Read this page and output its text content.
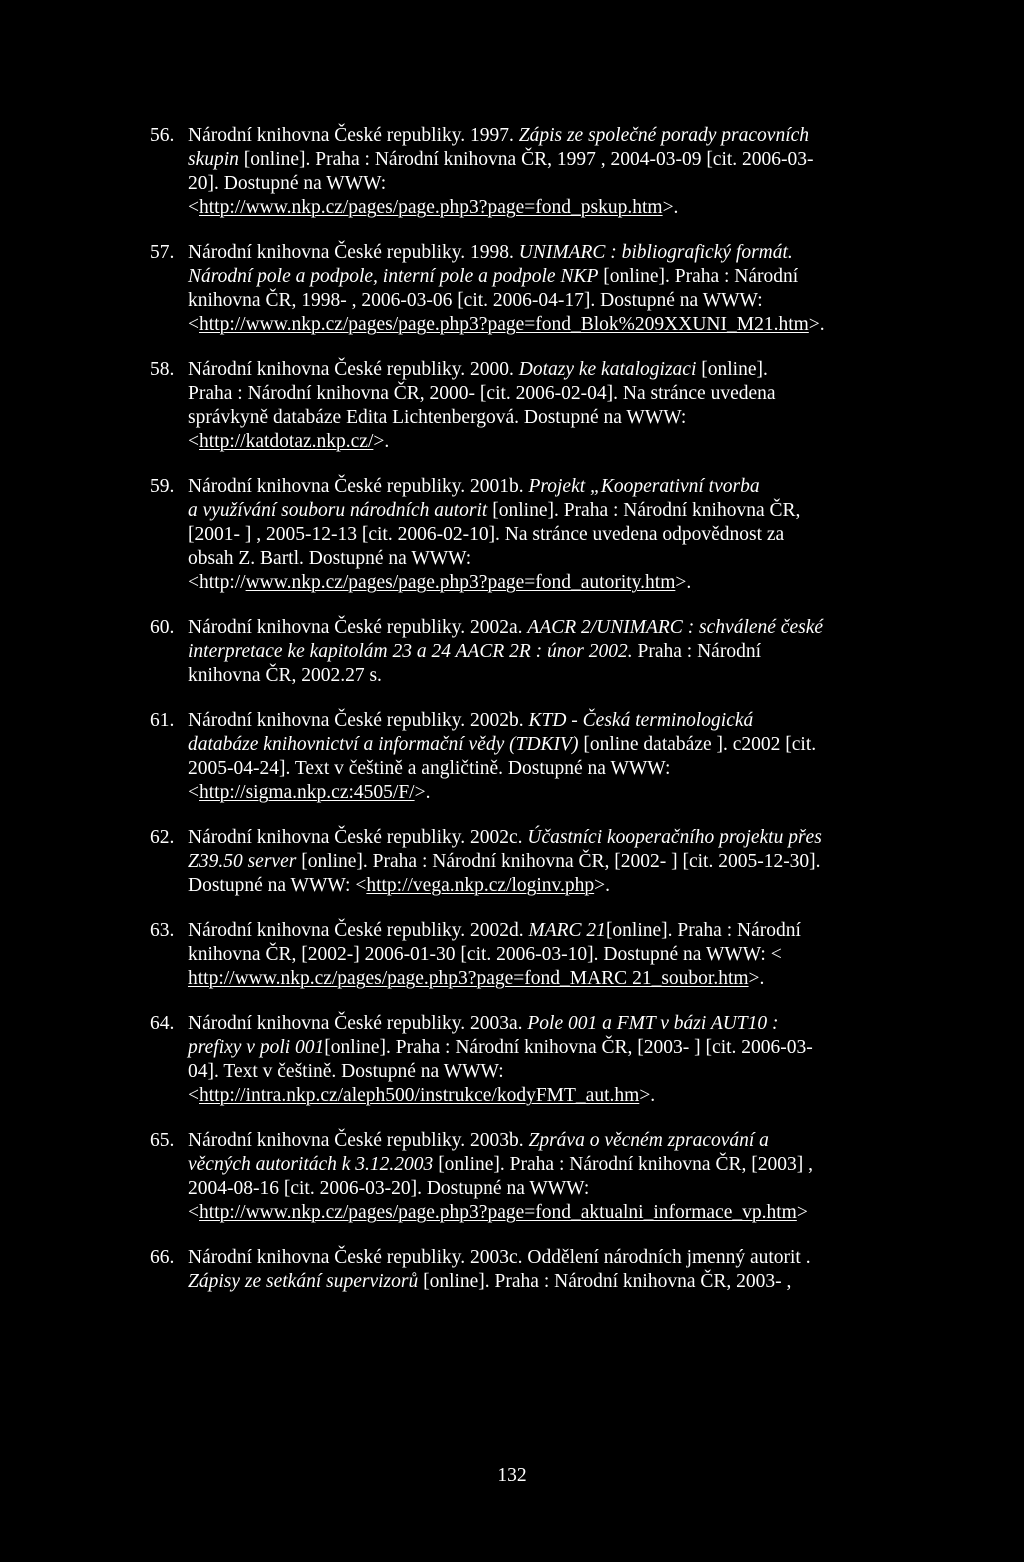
56. Národní knihovna České republiky. 1997. Zápis ze společné porady pracovních
skupin [online]. Praha : Národní knihovna ČR, 1997 , 2004-03-09 [cit. 2006-03-
20]. Dostupné na WWW:
<http://www.nkp.cz/pages/page.php3?page=fond_pskup.htm>.
57. Národní knihovna České republiky. 1998. UNIMARC : bibliografický formát.
Národní pole a podpole, interní pole a podpole NKP [online]. Praha : Národní
knihovna ČR, 1998- , 2006-03-06 [cit. 2006-04-17]. Dostupné na WWW:
<http://www.nkp.cz/pages/page.php3?page=fond_Blok%209XXUNI_M21.htm>.
58. Národní knihovna České republiky. 2000. Dotazy ke katalogizaci [online].
Praha : Národní knihovna ČR, 2000- [cit. 2006-02-04]. Na stránce uvedena
správkyně databáze Edita Lichtenbergová. Dostupné na WWW:
<http://katdotaz.nkp.cz/>.
59. Národní knihovna České republiky. 2001b. Projekt „Kooperativní tvorba
a využívání souboru národních autorit [online]. Praha : Národní knihovna ČR,
[2001- ] , 2005-12-13 [cit. 2006-02-10]. Na stránce uvedena odpovědnost za
obsah Z. Bartl. Dostupné na WWW:
<http://www.nkp.cz/pages/page.php3?page=fond_autority.htm>.
60. Národní knihovna České republiky. 2002a. AACR 2/UNIMARC : schválené české
interpretace ke kapitolám 23 a 24 AACR 2R : únor 2002. Praha : Národní
knihovna ČR, 2002.27 s.
61. Národní knihovna České republiky. 2002b. KTD - Česká terminologická
databáze knihovnictví a informační vědy (TDKIV) [online databáze ]. c2002 [cit.
2005-04-24]. Text v češtině a angličtině. Dostupné na WWW:
<http://sigma.nkp.cz:4505/F/>.
62. Národní knihovna České republiky. 2002c. Účastníci kooperačního projektu přes
Z39.50 server [online]. Praha : Národní knihovna ČR, [2002- ] [cit. 2005-12-30].
Dostupné na WWW: <http://vega.nkp.cz/loginv.php>.
63. Národní knihovna České republiky. 2002d. MARC 21[online]. Praha : Národní
knihovna ČR, [2002-] 2006-01-30 [cit. 2006-03-10]. Dostupné na WWW: <
http://www.nkp.cz/pages/page.php3?page=fond_MARC 21_soubor.htm>.
64. Národní knihovna České republiky. 2003a. Pole 001 a FMT v bázi AUT10 :
prefixy v poli 001[online]. Praha : Národní knihovna ČR, [2003- ] [cit. 2006-03-
04]. Text v češtině. Dostupné na WWW:
<http://intra.nkp.cz/aleph500/instrukce/kodyFMT_aut.hm>.
65. Národní knihovna České republiky. 2003b. Zpráva o věcném zpracování a
věcných autoritách k 3.12.2003 [online]. Praha : Národní knihovna ČR, [2003] ,
2004-08-16 [cit. 2006-03-20]. Dostupné na WWW:
<http://www.nkp.cz/pages/page.php3?page=fond_aktualni_informace_vp.htm>
66. Národní knihovna České republiky. 2003c. Oddělení národních jmenný autorit .
Zápisy ze setkání supervizorů [online]. Praha : Národní knihovna ČR, 2003- ,
132
